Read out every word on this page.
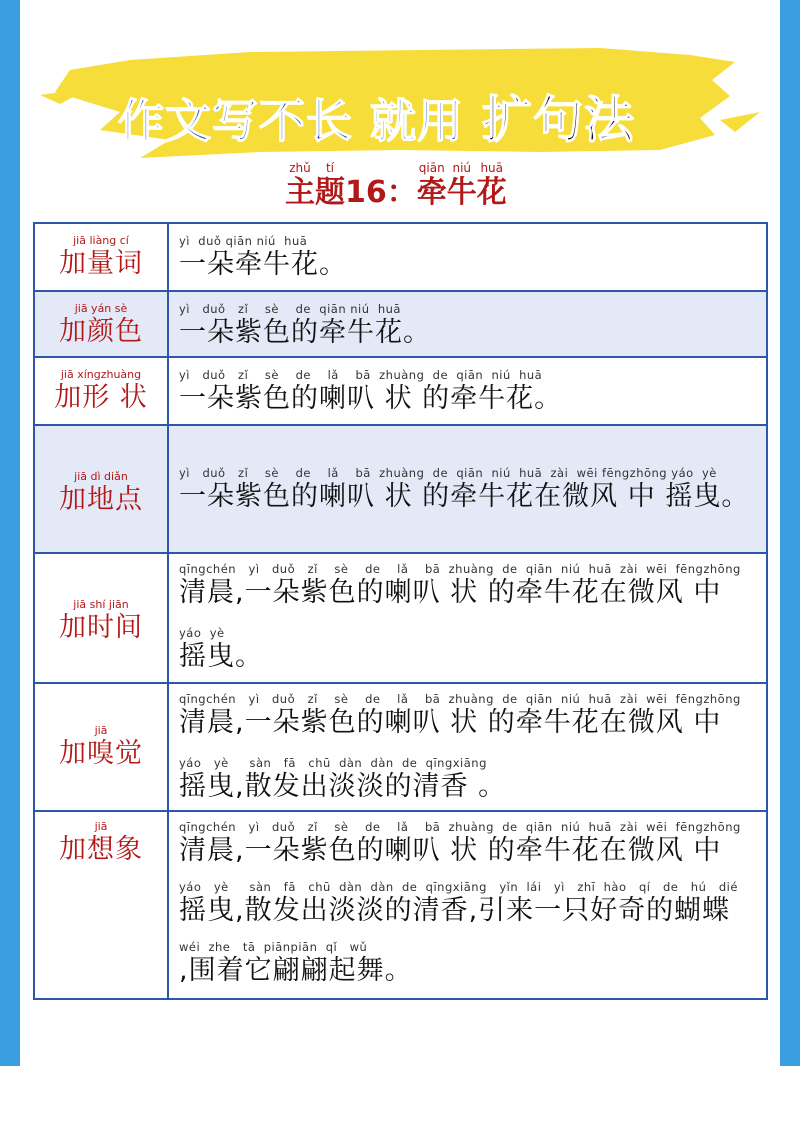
作文写不长 就用 扩句法
zhǔ
主
tí
题 16：
qiān
牵
niú
牛
huā
花
jiā liàng cí
加量词
yì  duǒ qiān niú  huā
一朵牵牛花。
jiā yán sè
加颜色
yì   duǒ   zǐ    sè    de  qiān niú  huā
一朵紫色的牵牛花。
jiā xíngzhuàng
加形 状
yì   duǒ   zǐ    sè    de    lǎ    bā  zhuàng  de  qiān  niú  huā
一朵紫色的喇叭 状 的牵牛花。
jiā dì diǎn
加地点
yì   duǒ   zǐ    sè    de    lǎ    bā  zhuàng  de  qiān  niú  huā  zài  wēi fēngzhōng yáo  yè
一朵紫色的喇叭 状 的牵牛花在微风 中 摇曳。
jiā shí jiān
加时间
qīngchén   yì   duǒ   zǐ    sè    de    lǎ    bā  zhuàng  de  qiān  niú  huā  zài  wēi  fēngzhōng
清晨,一朵紫色的喇叭 状 的牵牛花在微风 中
yáo  yè
摇曳。
jiā
加嗅觉
qīngchén   yì   duǒ   zǐ    sè    de    lǎ    bā  zhuàng  de  qiān  niú  huā  zài  wēi  fēngzhōng
清晨,一朵紫色的喇叭 状 的牵牛花在微风 中
yáo   yè     sàn   fā   chū  dàn  dàn  de  qīngxiāng
摇曳,散发出淡淡的清香 。
jiā
加想象
qīngchén   yì   duǒ   zǐ    sè    de    lǎ    bā  zhuàng  de  qiān  niú  huā  zài  wēi  fēngzhōng
清晨,一朵紫色的喇叭 状 的牵牛花在微风 中
yáo   yè     sàn   fā   chū  dàn  dàn  de  qīngxiāng   yǐn  lái   yì   zhī  hào   qí   de   hú   dié
摇曳,散发出淡淡的清香,引来一只好奇的蝴蝶
wéi  zhe   tā  piānpiān  qǐ   wǔ
,围着它翩翩起舞。
